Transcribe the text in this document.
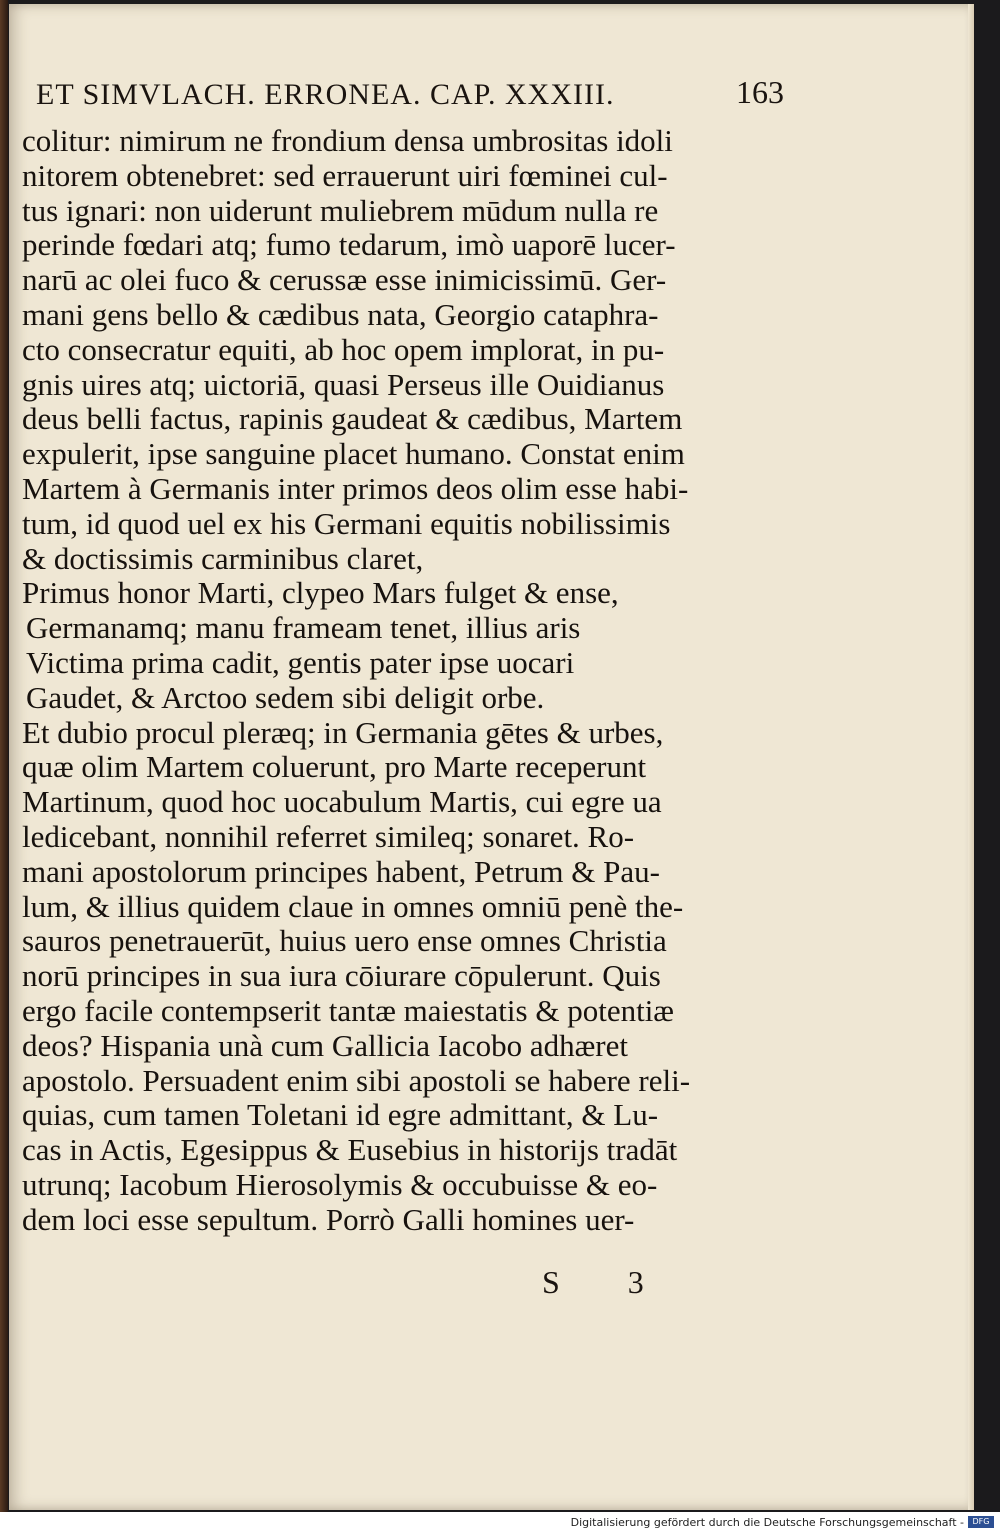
ET SIMVLACH. ERRONEA. CAP. XXXIII.	163
colitur: nimirum ne frondium densa umbrositas idoli
nitorem obtenebret: sed errauerunt uiri fœminei cul-
tus ignari: non uiderunt muliebrem mūdum nulla re
perinde fœdari atq; fumo tedarum, imò uaporē lucer-
narū ac olei fuco & cerussæ esse inimicissimū. Ger-
mani gens bello & cædibus nata, Georgio cataphra-
cto consecratur equiti, ab hoc opem implorat, in pu-
gnis uires atq; uictoriā, quasi Perseus ille Ouidianus
deus belli factus, rapinis gaudeat & cædibus, Martem
expulerit, ipse sanguine placet humano. Constat enim
Martem à Germanis inter primos deos olim esse habi-
tum, id quod uel ex his Germani equitis nobilissimis
& doctissimis carminibus claret,
Primus honor Marti, clypeo Mars fulget & ense,
Germanamq; manu frameam tenet, illius aris
Victima prima cadit, gentis pater ipse uocari
Gaudet, & Arctoo sedem sibi deligit orbe.
Et dubio procul pleræq; in Germania gētes & urbes,
quæ olim Martem coluerunt, pro Marte receperunt
Martinum, quod hoc uocabulum Martis, cui egre ua
ledicebant, nonnihil referret simileq; sonaret. Ro-
mani apostolorum principes habent, Petrum & Pau-
lum, & illius quidem claue in omnes omniū penè the-
sauros penetrauerūt, huius uero ense omnes Christia
norū principes in sua iura cōiurare cōpulerunt. Quis
ergo facile contempserit tantæ maiestatis & potentiæ
deos? Hispania unà cum Gallicia Iacobo adhæret
apostolo. Persuadent enim sibi apostoli se habere reli-
quias, cum tamen Toletani id egre admittant, & Lu-
cas in Actis, Egesippus & Eusebius in historijs tradāt
utrunq; Iacobum Hierosolymis & occubuisse & eo-
dem loci esse sepultum. Porrò Galli homines uer-
S 3
Digitalisierung gefördert durch die Deutsche Forschungsgemeinschaft -	DFG
